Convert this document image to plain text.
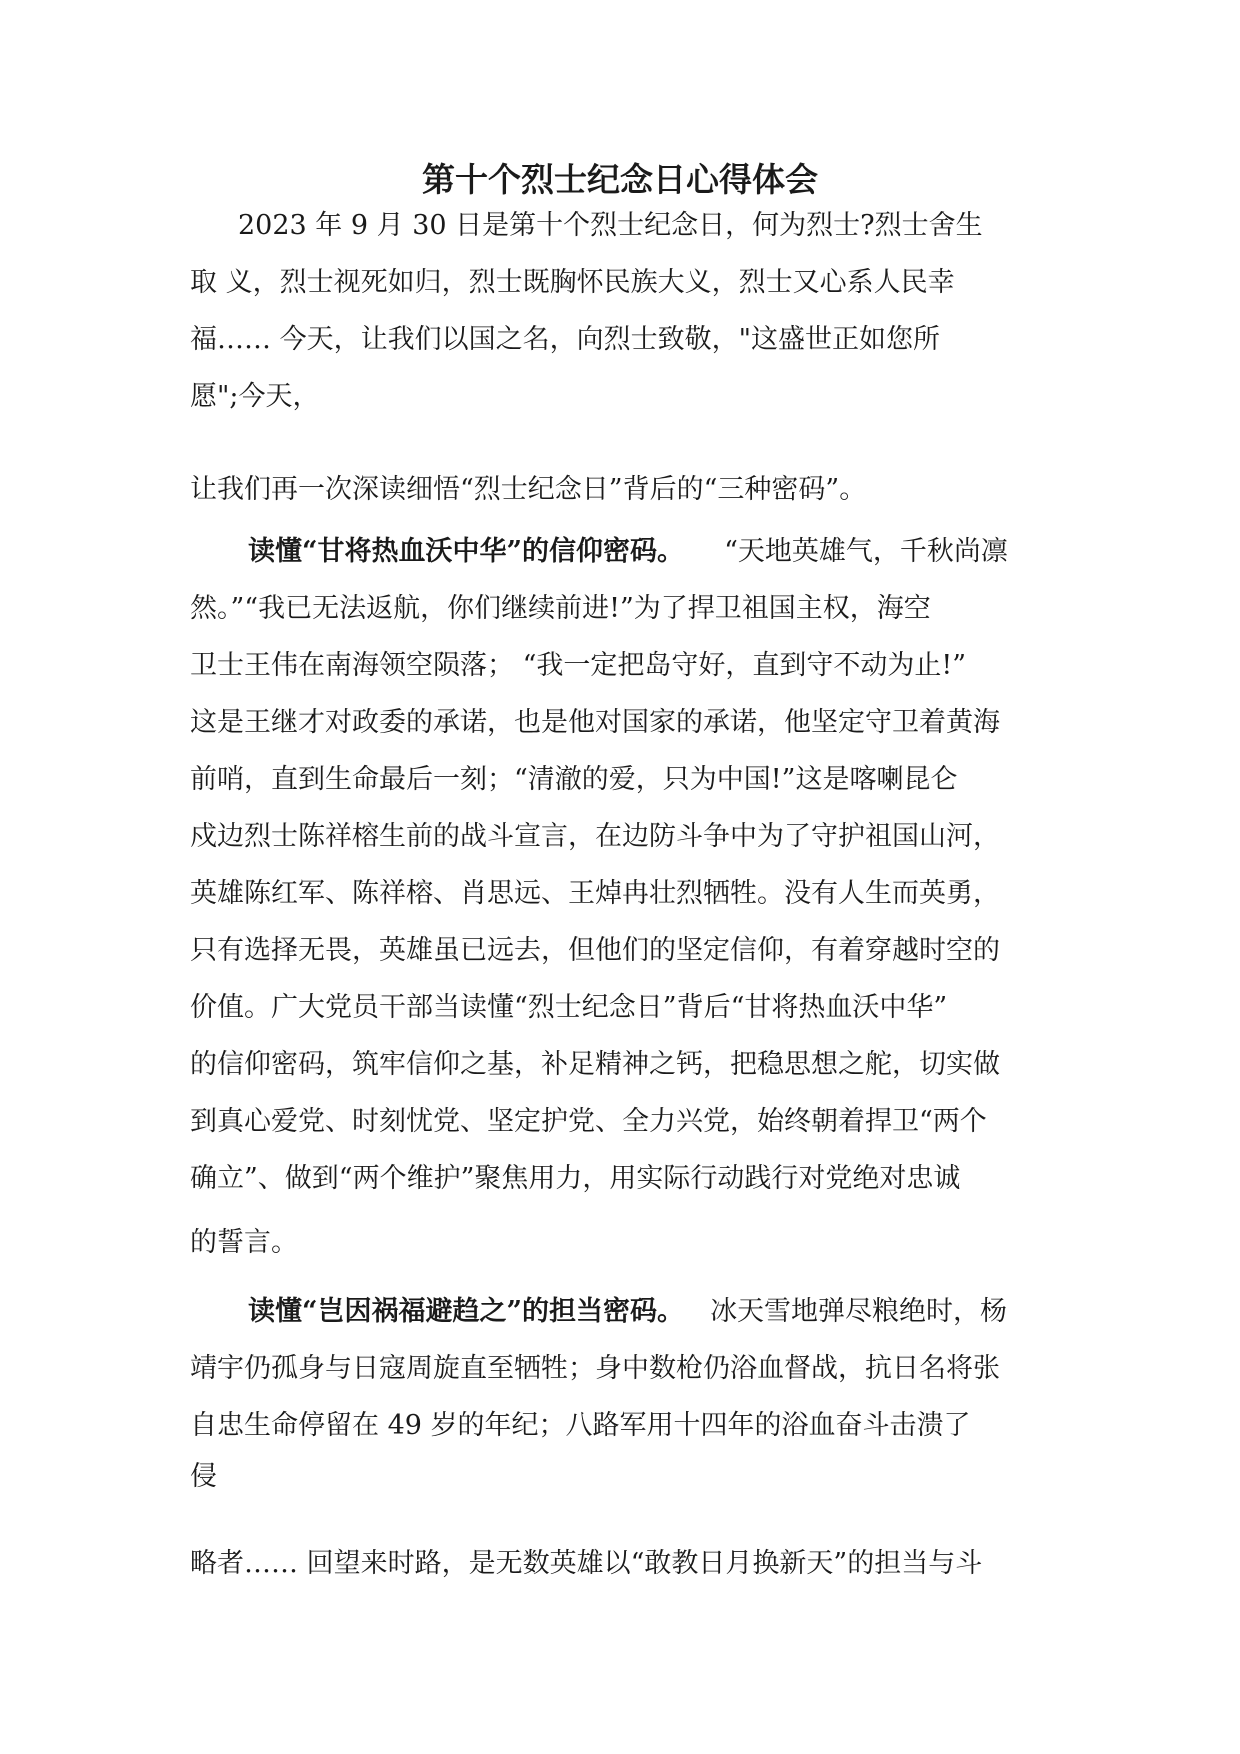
第十个烈士纪念日心得体会
2023 年 9 月 30 日是第十个烈士纪念日，何为烈士?烈士舍生
取 义，烈士视死如归，烈士既胸怀民族大义，烈士又心系人民幸
福…… 今天，让我们以国之名，向烈士致敬，"这盛世正如您所
愿";今天，
让我们再一次深读细悟“烈士纪念日”背后的“三种密码”。
读懂“甘将热血沃中华”的信仰密码。 “天地英雄气，千秋尚凛
然。”“我已无法返航，你们继续前进!”为了捍卫祖国主权，海空
卫士王伟在南海领空陨落； “我一定把岛守好，直到守不动为止!”
这是王继才对政委的承诺，也是他对国家的承诺，他坚定守卫着黄海
前哨，直到生命最后一刻；“清澈的爱，只为中国!”这是喀喇昆仑
戍边烈士陈祥榕生前的战斗宣言，在边防斗争中为了守护祖国山河，
英雄陈红军、陈祥榕、肖思远、王焯冉壮烈牺牲。没有人生而英勇，
只有选择无畏，英雄虽已远去，但他们的坚定信仰，有着穿越时空的
价值。广大党员干部当读懂“烈士纪念日”背后“甘将热血沃中华”
的信仰密码，筑牢信仰之基，补足精神之钙，把稳思想之舵，切实做
到真心爱党、时刻忧党、坚定护党、全力兴党，始终朝着捍卫“两个
确立”、做到“两个维护”聚焦用力，用实际行动践行对党绝对忠诚
的誓言。
读懂“岂因祸福避趋之”的担当密码。 冰天雪地弹尽粮绝时，杨
靖宇仍孤身与日寇周旋直至牺牲；身中数枪仍浴血督战，抗日名将张
自忠生命停留在 49 岁的年纪；八路军用十四年的浴血奋斗击溃了
侵
略者…… 回望来时路，是无数英雄以“敢教日月换新天”的担当与斗
